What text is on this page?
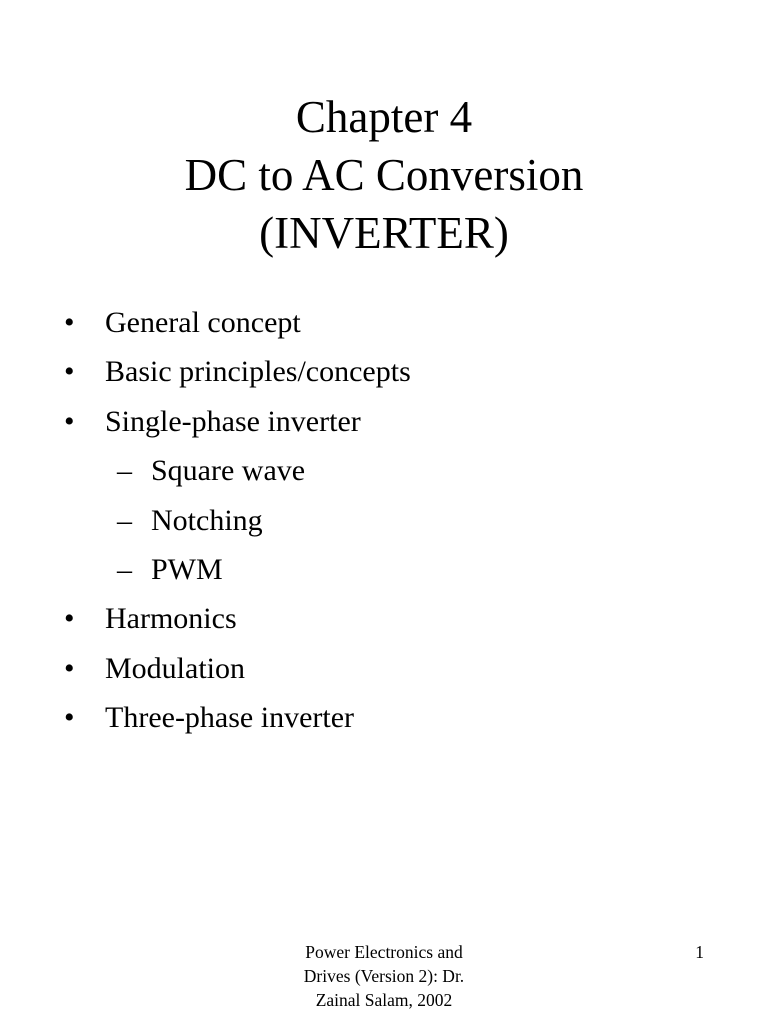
Chapter 4
DC to AC Conversion
(INVERTER)
• General concept
• Basic principles/concepts
• Single-phase inverter
– Square wave
– Notching
– PWM
• Harmonics
• Modulation
• Three-phase inverter
Power Electronics and
Drives (Version 2): Dr.
Zainal Salam, 2002
1
